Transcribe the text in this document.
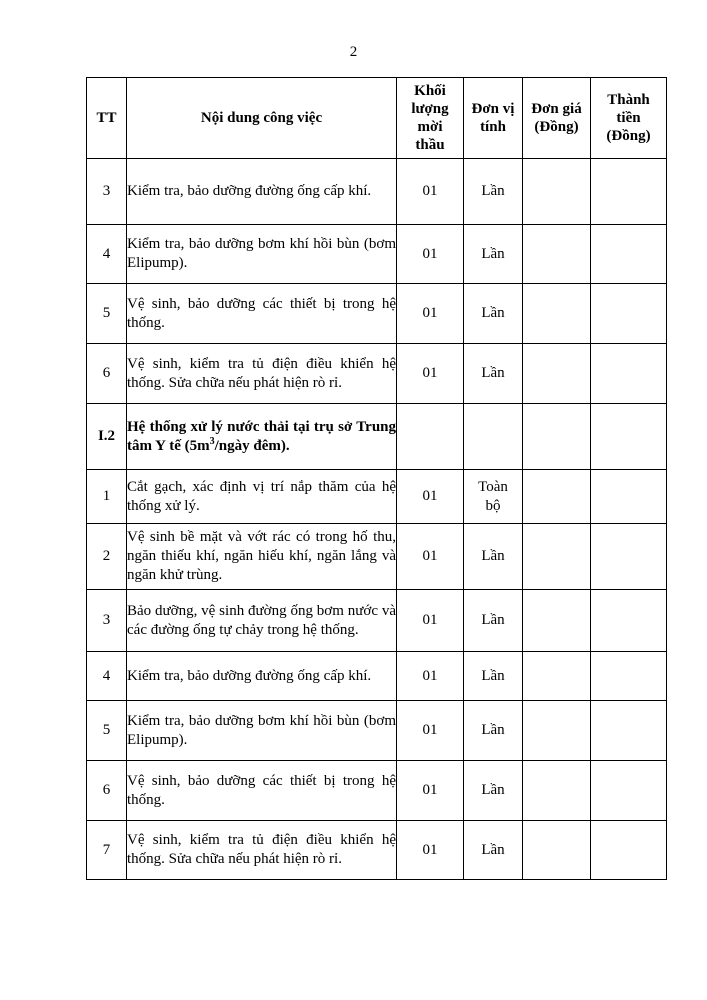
2
TT	Nội dung công việc	Khối lượng mời thầu	Đơn vị tính	Đơn giá (Đồng)	Thành tiền (Đồng)
3	Kiểm tra, bảo dưỡng đường ống cấp khí.	01	Lần		
4	Kiểm tra, bảo dưỡng bơm khí hồi bùn (bơm Elipump).	01	Lần		
5	Vệ sinh, bảo dưỡng các thiết bị trong hệ thống.	01	Lần		
6	Vệ sinh, kiểm tra tủ điện điều khiển hệ thống. Sửa chữa nếu phát hiện rò rỉ.	01	Lần		
I.2	Hệ thống xử lý nước thải tại trụ sở Trung tâm Y tế ($5m^3$/ngày đêm).				
1	Cắt gạch, xác định vị trí nắp thăm của hệ thống xử lý.	01	Toàn bộ		
2	Vệ sinh bề mặt và vớt rác có trong hố thu, ngăn thiếu khí, ngăn hiếu khí, ngăn lắng và ngăn khử trùng.	01	Lần		
3	Bảo dưỡng, vệ sinh đường ống bơm nước và các đường ống tự chảy trong hệ thống.	01	Lần		
4	Kiểm tra, bảo dưỡng đường ống cấp khí.	01	Lần		
5	Kiểm tra, bảo dưỡng bơm khí hồi bùn (bơm Elipump).	01	Lần		
6	Vệ sinh, bảo dưỡng các thiết bị trong hệ thống.	01	Lần		
7	Vệ sinh, kiểm tra tủ điện điều khiển hệ thống. Sửa chữa nếu phát hiện rò rỉ.	01	Lần		
